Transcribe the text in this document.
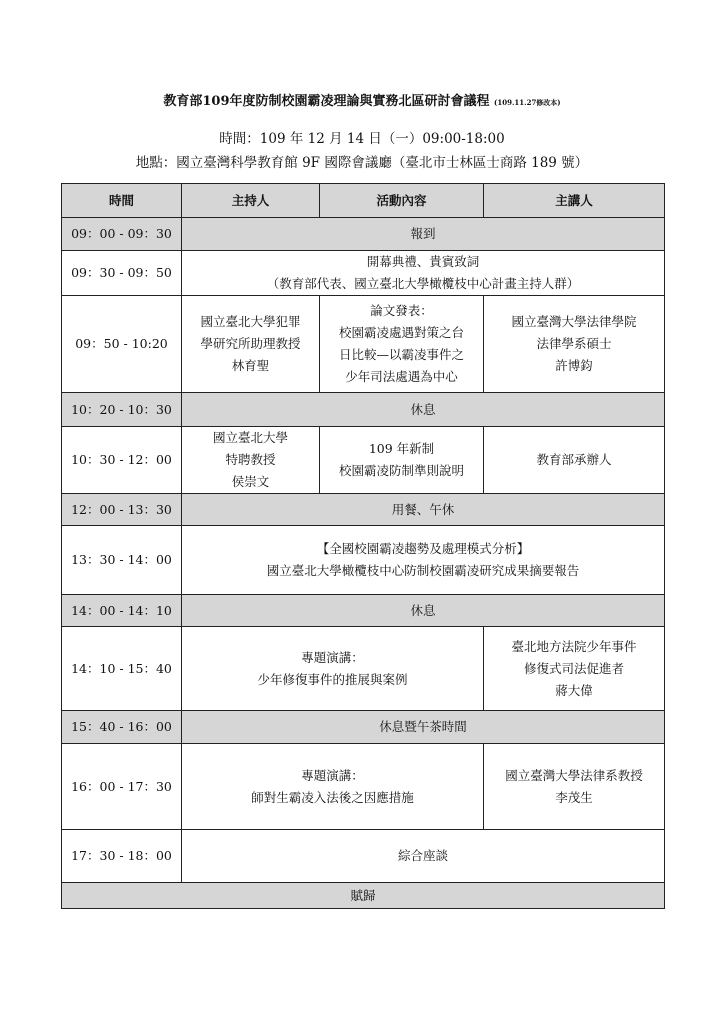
教育部109年度防制校園霸凌理論與實務北區研討會議程 (109.11.27修改本)
時間：109 年 12 月 14 日（一）09:00-18:00
地點：國立臺灣科學教育館 9F 國際會議廳（臺北市士林區士商路 189 號）
時間	主持人	活動內容	主講人
09：00 - 09：30	報到		
09：30 - 09：50	開幕典禮、貴賓致詞
（教育部代表、國立臺北大學橄欖枝中心計畫主持人群）		

09：50 - 10:20	國立臺北大學犯罪
學研究所助理教授
林育聖	論文發表：
校園霸凌處遇對策之台
日比較—以霸凌事件之
少年司法處遇為中心	國立臺灣大學法律學院
法律學系碩士
許博鈞

10：20 - 10：30	休息		
10：30 - 12：00	國立臺北大學
特聘教授
侯崇文	109 年新制
校園霸凌防制準則說明	教育部承辦人
12：00 - 13：30	用餐、午休		
13：30 - 14：00	【全國校園霸凌趨勢及處理模式分析】
國立臺北大學橄欖枝中心防制校園霸凌研究成果摘要報告		

14：00 - 14：10	休息		
14：10 - 15：40	專題演講：
少年修復事件的推展與案例		臺北地方法院少年事件
修復式司法促進者
蔣大偉

15：40 - 16：00	休息暨午茶時間		
16：00 - 17：30	專題演講：
師對生霸凌入法後之因應措施		國立臺灣大學法律系教授
李茂生

17：30 - 18：00	綜合座談		
賦歸			
